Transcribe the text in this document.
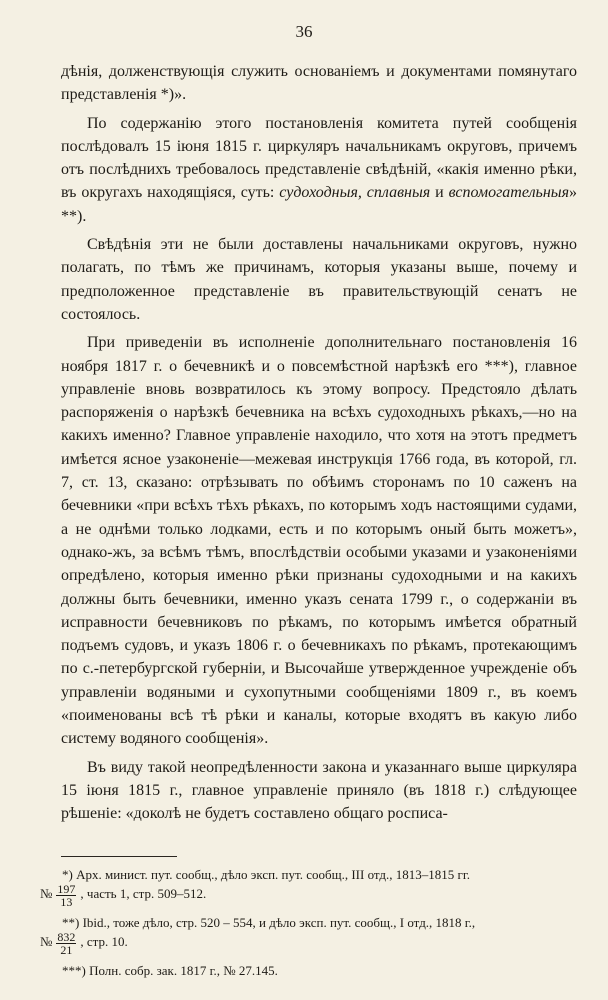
36

дѣнія, долженствующія служить основаніемъ и документами помянутаго представленія *)».

По содержанію этого постановленія комитета путей сообщенія послѣдовалъ 15 іюня 1815 г. циркуляръ начальникамъ округовъ, причемъ отъ послѣднихъ требовалось представленіе свѣдѣній, «какія именно рѣки, въ округахъ находящіяся, суть: судоходныя, сплавныя и вспомогательныя» **).

Свѣдѣнія эти не были доставлены начальниками округовъ, нужно полагать, по тѣмъ же причинамъ, которыя указаны выше, почему и предположенное представленіе въ правительствующій сенатъ не состоялось.

При приведеніи въ исполненіе дополнительнаго постановленія 16 ноября 1817 г. о бечевникѣ и о повсемѣстной нарѣзкѣ его ***), главное управленіе вновь возвратилось къ этому вопросу. Предстояло дѣлать распоряженія о нарѣзкѣ бечевника на всѣхъ судоходныхъ рѣкахъ,—но на какихъ именно? Главное управленіе находило, что хотя на этотъ предметъ имѣется ясное узаконеніе—межевая инструкція 1766 года, въ которой, гл. 7, ст. 13, сказано: отрѣзывать по обѣимъ сторонамъ по 10 саженъ на бечевники «при всѣхъ тѣхъ рѣкахъ, по которымъ ходъ настоящими судами, а не однѣми только лодками, есть и по которымъ оный быть можетъ», однако-жъ, за всѣмъ тѣмъ, впослѣдствіи особыми указами и узаконеніями опредѣлено, которыя именно рѣки признаны судоходными и на какихъ должны быть бечевники, именно указъ сената 1799 г., о содержаніи въ исправности бечевниковъ по рѣкамъ, по которымъ имѣется обратный подъемъ судовъ, и указъ 1806 г. о бечевникахъ по рѣкамъ, протекающимъ по с.-петербургской губерніи, и Высочайше утвержденное учрежденіе объ управленіи водяными и сухопутными сообщеніями 1809 г., въ коемъ «поименованы всѣ тѣ рѣки и каналы, которые входятъ въ какую либо систему водяного сообщенія».

Въ виду такой неопредѣленности закона и указаннаго выше циркуляра 15 іюня 1815 г., главное управленіе приняло (въ 1818 г.) слѣдующее рѣшеніе: «доколѣ не будетъ составлено общаго росписа-

*) Арх. минист. пут. сообщ., дѣло эксп. пут. сообщ., III отд., 1813–1815 гг.
№ $\frac{197}{13}$ , часть 1, стр. 509–512.
**) Ibid., тоже дѣло, стр. 520 – 554, и дѣло эксп. пут. сообщ., I отд., 1818 г.,
№ $\frac{832}{21}$ , стр. 10.
***) Полн. собр. зак. 1817 г., № 27.145.
